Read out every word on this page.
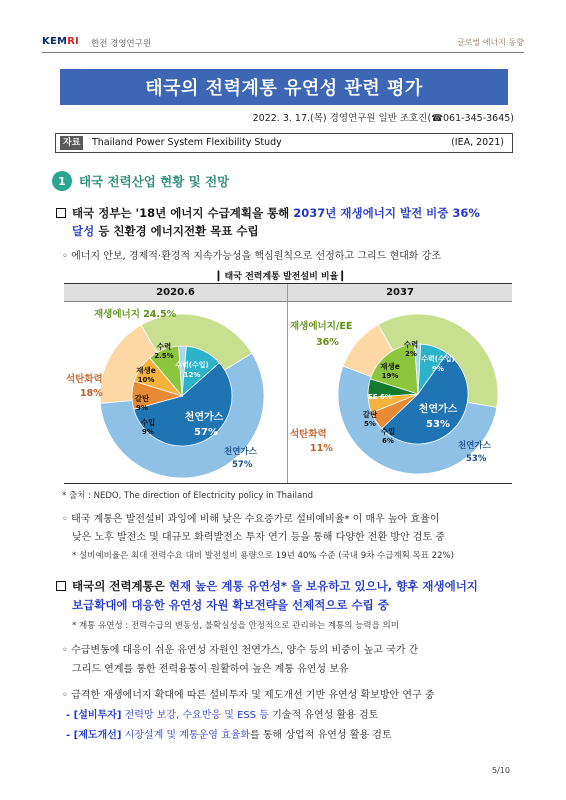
KEMRI 한전 경영연구원	글로벌 에너지 동향
태국의 전력계통 유연성 관련 평가
2022. 3. 17.(목) 경영연구원 일반 조호진(☎061-345-3645)
자료	Thailand Power System Flexibility Study	(IEA, 2021)
1	태국 전력산업 현황 및 전망
태국 정부는 '18년 에너지 수급계획을 통해 2037년 재생에너지 발전 비중 36%
달성 등 친환경 에너지전환 목표 수립
◦ 에너지 안보, 경제적·환경적 지속가능성을 핵심원칙으로 선정하고 그리드 현대화 강조
▎태국 전력계통 발전설비 비율 ▎
2020.6	2037
재생에너지 24.5%
석탄화력
18%
천연가스
57%
천연가스
57%
수력
2.5%
수력(수입)
12%
재생e
10%
갈탄
9%
수입
9%
재생에너지/EE
36%
석탄화력
11%	천연가스
53%
천연가스
53%
수력
2%
수력(수입)
9%
재생e
19%
EE 6%
갈탄
5%
수입
6%
* 출처 : NEDO, The direction of Electricity policy in Thailand
◦ 태국 계통은 발전설비 과잉에 비해 낮은 수요증가로 설비예비율* 이 매우 높아 효율이
낮은 노후 발전소 및 대규모 화력발전소 투자 연기 등을 통해 다양한 전환 방안 검토 중
* 설비예비율은 최대 전력수요 대비 발전설비 용량으로 19년 40% 수준 (국내 9차 수급계획 목표 22%)
태국의 전력계통은 현재 높은 계통 유연성* 을 보유하고 있으나, 향후 재생에너지
보급확대에 대응한 유연성 자원 확보전략을 선제적으로 수립 중
* 계통 유연성 : 전력수급의 변동성, 불확실성을 안정적으로 관리하는 계통의 능력을 의미
◦ 수급변동에 대응이 쉬운 유연성 자원인 천연가스, 양수 등의 비중이 높고 국가 간
그리드 연계를 통한 전력융통이 원활하여 높은 계통 유연성 보유
◦ 급격한 재생에너지 확대에 따른 설비투자 및 제도개선 기반 유연성 확보방안 연구 중
- [설비투자] 전력망 보강, 수요반응 및 ESS 등 기술적 유연성 활용 검토
- [제도개선] 시장설계 및 계통운영 효율화를 통해 상업적 유연성 활용 검토
5/10
